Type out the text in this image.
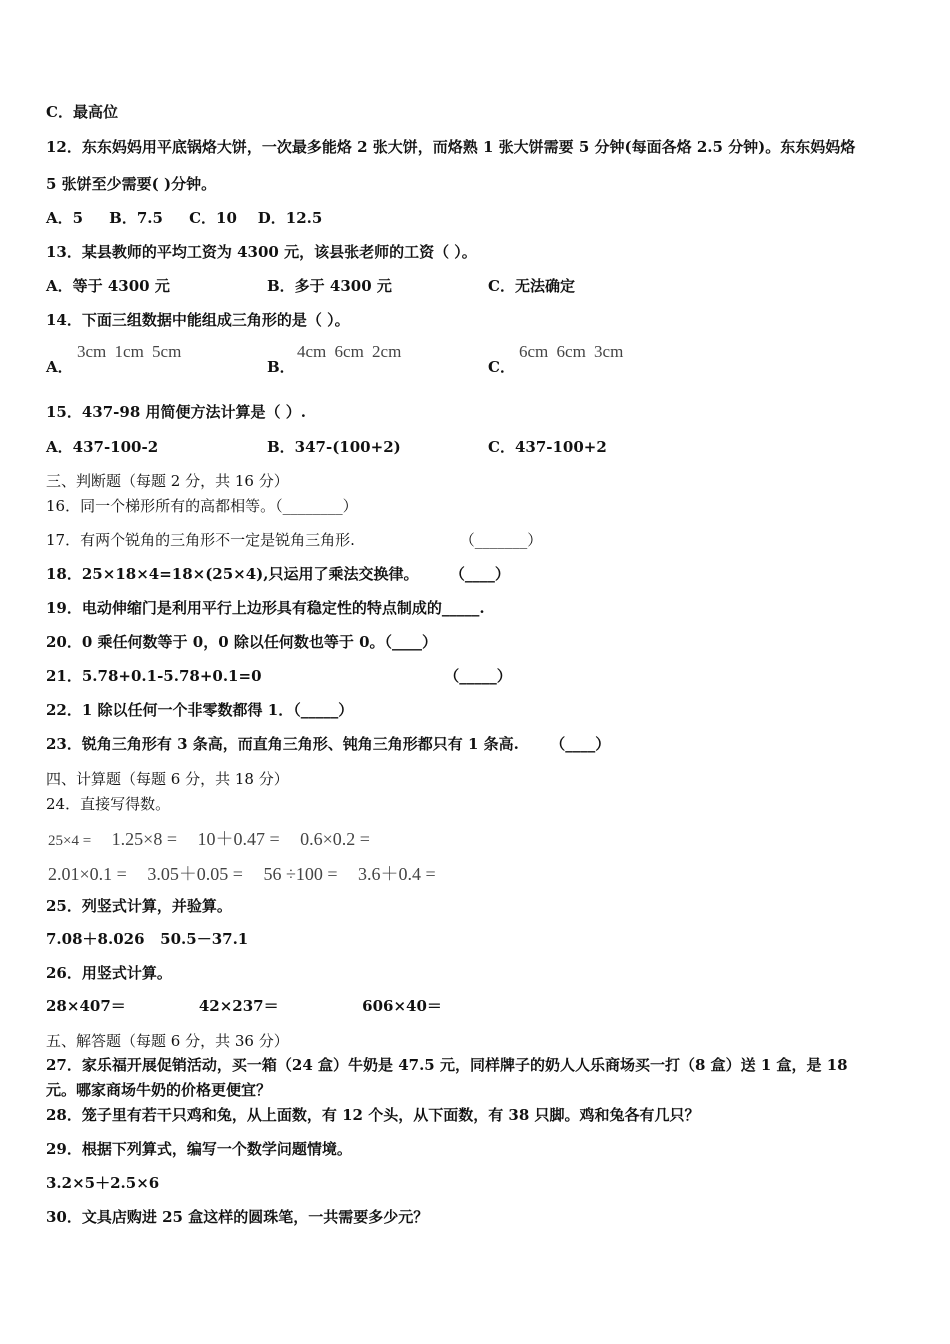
C．最高位
12．东东妈妈用平底锅烙大饼，一次最多能烙 2 张大饼，而烙熟 1 张大饼需要 5 分钟(每面各烙 2.5 分钟)。东东妈妈烙
5 张饼至少需要( )分钟。
A．5     B．7.5     C．10    D．12.5
13．某县教师的平均工资为 4300 元，该县张老师的工资（ ）。
A．等于 4300 元	B．多于 4300 元	C．无法确定
14．下面三组数据中能组成三角形的是（ ）。
A．
3cm 1cm 5cm
B．
4cm 6cm 2cm
C．
6cm 6cm 3cm
15．437-98 用简便方法计算是（ ）.
A．437-100-2	B．347-(100+2)	C．437-100+2
三、判断题（每题 2 分，共 16 分）
16．同一个梯形所有的高都相等。（________）
17．有两个锐角的三角形不一定是锐角三角形.                      （_______）
18．25×18×4=18×(25×4),只运用了乘法交换律。      （____）
19．电动伸缩门是利用平行上边形具有稳定性的特点制成的_____.
20．0 乘任何数等于 0，0 除以任何数也等于 0。（____）
21．5.78+0.1-5.78+0.1=0                                   （_____）
22．1 除以任何一个非零数都得 1．（_____）
23．锐角三角形有 3 条高，而直角三角形、钝角三角形都只有 1 条高.      （____）
四、计算题（每题 6 分，共 18 分）
24．直接写得数。
25×4 = 1.25×8 = 10＋0.47 = 0.6×0.2 =
2.01×0.1 = 3.05＋0.05 = 56 ÷100 = 3.6＋0.4 =
25．列竖式计算，并验算。
7.08＋8.026   50.5－37.1
26．用竖式计算。
28×407＝              42×237＝                606×40＝
五、解答题（每题 6 分，共 36 分）
27．家乐福开展促销活动，买一箱（24 盒）牛奶是 47.5 元，同样牌子的奶人人乐商场买一打（8 盒）送 1 盒，是 18
元。哪家商场牛奶的价格更便宜？
28．笼子里有若干只鸡和兔，从上面数，有 12 个头，从下面数，有 38 只脚。鸡和兔各有几只？
29．根据下列算式，编写一个数学问题情境。
3.2×5＋2.5×6
30．文具店购进 25 盒这样的圆珠笔，一共需要多少元？
